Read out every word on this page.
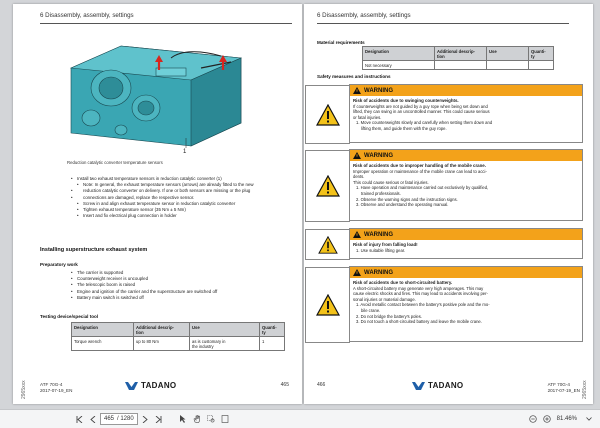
6 Disassembly, assembly, settings
1
Reduction catalytic converter temperature sensors
• Install two exhaust temperature sensors in reduction catalytic converter (1)
• Note: In general, the exhaust temperature sensors (arrows) are already fitted to the new
• reduction catalytic converter on delivery. If one or both sensors are missing or the plug
• connections are damaged, replace the respective sensor.
• Screw in and align exhaust temperature sensor in reduction catalytic converter
• Tighten exhaust temperature sensor (35 Nm ± 5 Nm)
• Insert and fix electrical plug connection in holder
Installing superstructure exhaust system
Preparatory work
• The carrier is supported
• Counterweight receiver is uncoupled
• The telescopic boom is raised
• Engine and ignition of the carrier and the superstructure are switched off
• Battery main switch is switched off
Testing device/special tool
Designation	Additional descrip-
tion	Use	Quanti-
ty
Torque wrench	up to 80 Nm	as is customary in
the industry	1
ATF 70G-4
2017-07-19_EN
TADANO	465
2965xxx
6 Disassembly, assembly, settings
Material requirements
Designation	Additional descrip-
tion	Use	Quanti-
ty
Not necessary			
Safety measures and instructions
WARNING
Risk of accidents due to swinging counterweights.
If counterweights are not guided by a guy rope when being set down and
lifted, they can swing in an uncontrolled manner. This could cause serious
or fatal injuries.
1. Move counterweights slowly and carefully when setting them down and
lifting them, and guide them with the guy rope.
WARNING
Risk of accidents due to improper handling of the mobile crane.
Improper operation or maintenance of the mobile crane can lead to acci-
dents.
This could cause serious or fatal injuries.
1. Have operation and maintenance carried out exclusively by qualified,
trained professionals.
2. Observe the warning signs and the instruction signs.
3. Observe and understand the operating manual.
WARNING
Risk of injury from falling load!
1. Use suitable lifting gear.
WARNING
Risk of accidents due to short-circuited battery.
A short-circuited battery may generate very high amperages. This may
cause electric shocks and fires. This may lead to accidents involving per-
sonal injuries or material damage.
1. Avoid metallic contact between the battery's positive pole and the mo-
bile crane.
2. Do not bridge the battery's poles.
3. Do not touch a short-circuited battery and leave the mobile crane.
466	TADANO	ATF 70G-4
2017-07-19_EN 2965xxx
465 / 1280	81.46%
